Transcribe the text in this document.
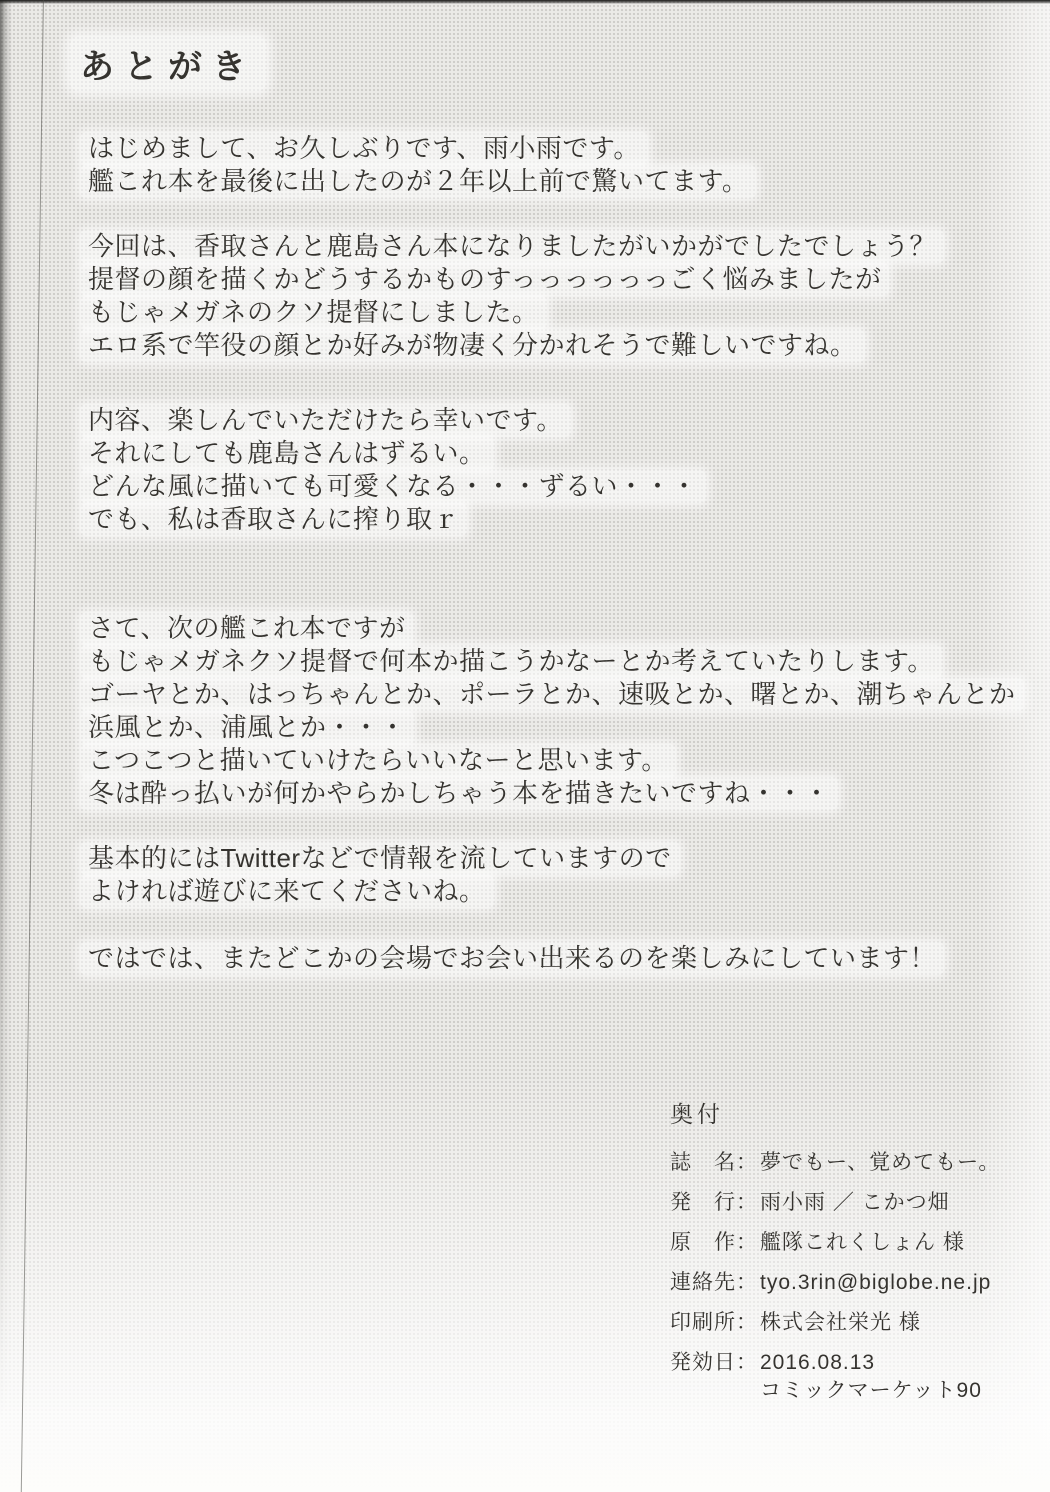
あとがき
はじめまして、お久しぶりです、雨小雨です。
艦これ本を最後に出したのが２年以上前で驚いてます。
今回は、香取さんと鹿島さん本になりましたがいかがでしたでしょう？
提督の顔を描くかどうするかものすっっっっっっごく悩みましたが
もじゃメガネのクソ提督にしました。
エロ系で竿役の顔とか好みが物凄く分かれそうで難しいですね。
内容、楽しんでいただけたら幸いです。
それにしても鹿島さんはずるい。
どんな風に描いても可愛くなる・・・ずるい・・・
でも、私は香取さんに搾り取ｒ
さて、次の艦これ本ですが
もじゃメガネクソ提督で何本か描こうかなーとか考えていたりします。
ゴーヤとか、はっちゃんとか、ポーラとか、速吸とか、曙とか、潮ちゃんとか
浜風とか、浦風とか・・・
こつこつと描いていけたらいいなーと思います。
冬は酔っ払いが何かやらかしちゃう本を描きたいですね・・・
基本的にはTwitterなどで情報を流していますので
よければ遊びに来てくださいね。
ではでは、またどこかの会場でお会い出来るのを楽しみにしています！
奥付
誌　名：夢でもー、覚めてもー。
発　行：雨小雨 ／ こかつ畑
原　作：艦隊これくしょん 様
連絡先：tyo.3rin@biglobe.ne.jp
印刷所：株式会社栄光 様
発効日：2016.08.13
コミックマーケット90
